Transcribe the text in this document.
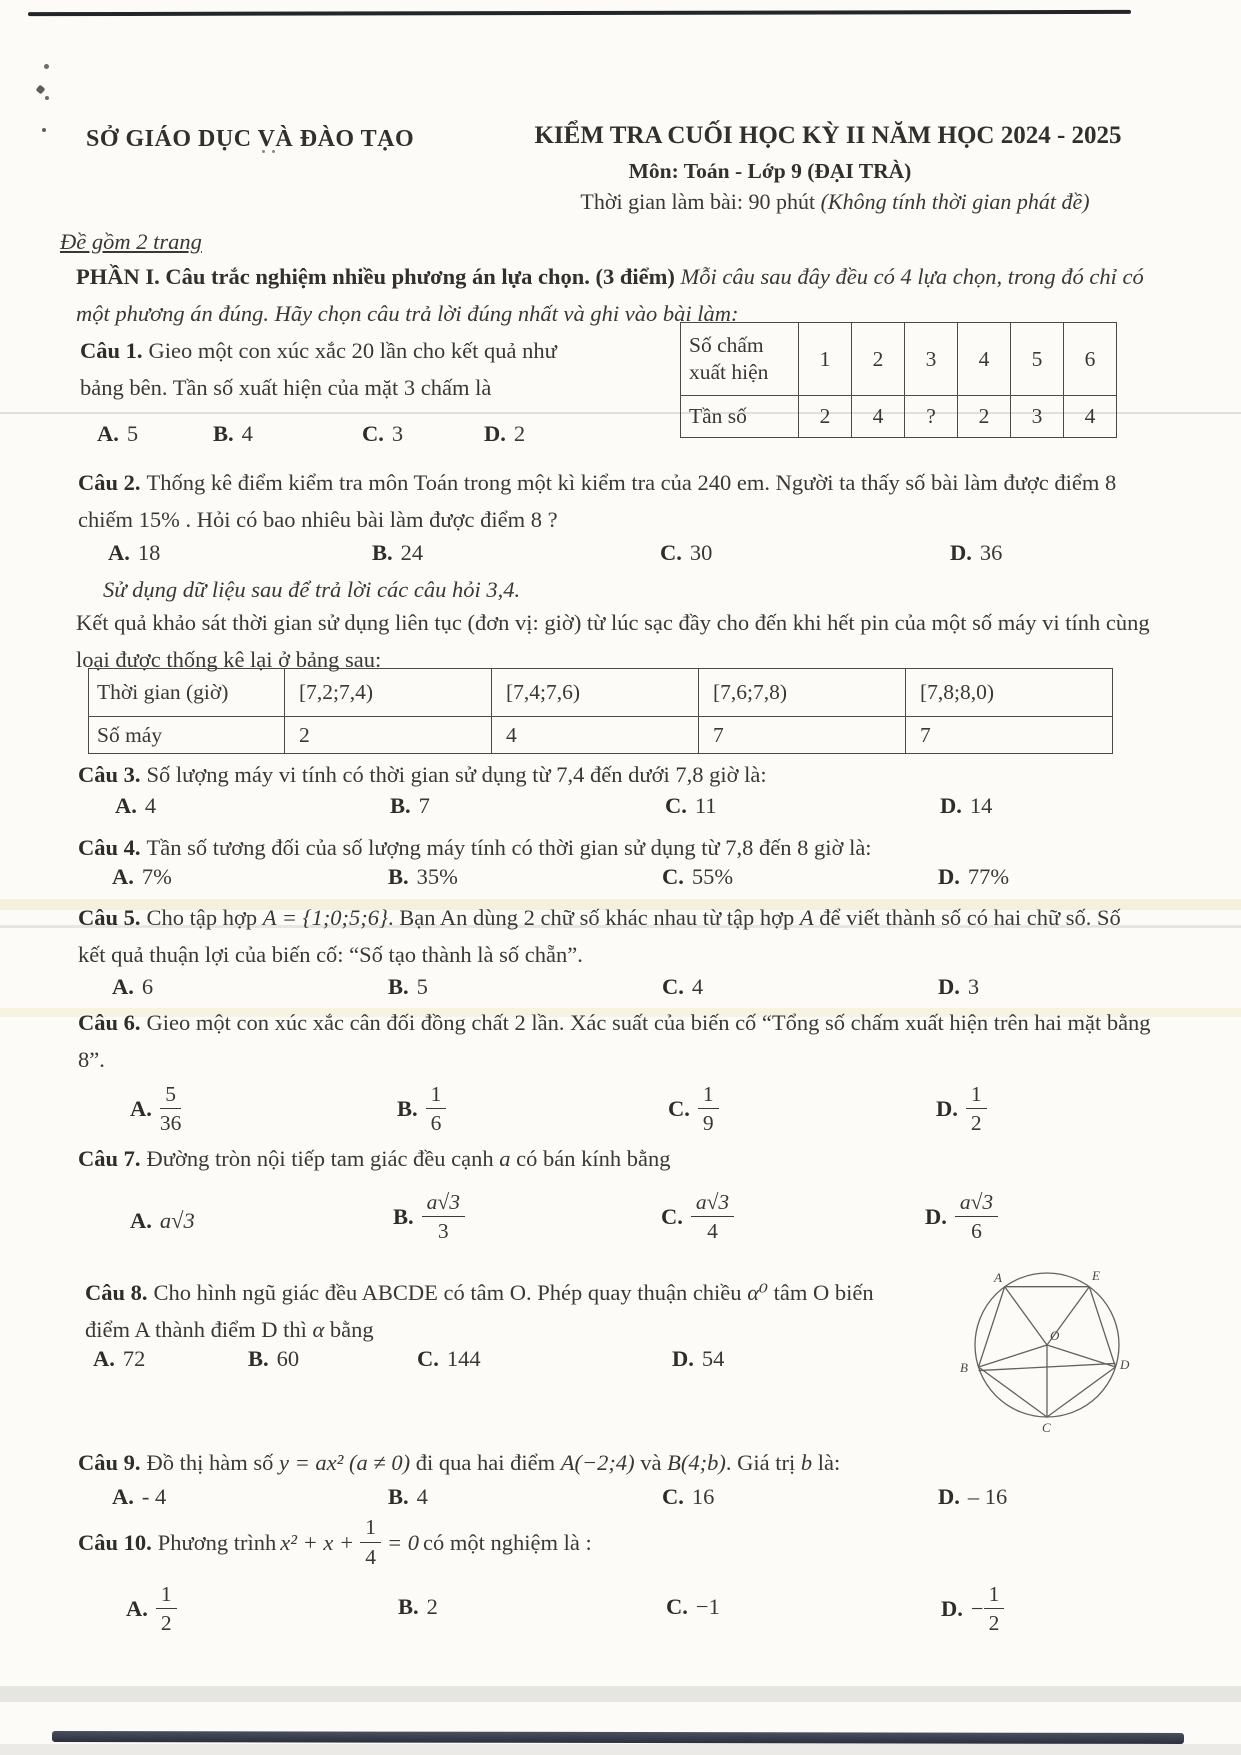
SỞ GIÁO DỤC VÀ ĐÀO TẠO	KIỂM TRA CUỐI HỌC KỲ II NĂM HỌC 2024 - 2025
Môn: Toán - Lớp 9 (ĐẠI TRÀ)
Thời gian làm bài: 90 phút (Không tính thời gian phát đề)
Đề gồm 2 trang
PHẦN I. Câu trắc nghiệm nhiều phương án lựa chọn. (3 điểm) Mỗi câu sau đây đều có 4 lựa chọn, trong đó chỉ có một phương án đúng. Hãy chọn câu trả lời đúng nhất và ghi vào bài làm:
Câu 1. Gieo một con xúc xắc 20 lần cho kết quả như bảng bên. Tần số xuất hiện của mặt 3 chấm là
Số chấm xuất hiện	1	2	3	4	5	6
Tần số	2	4	?	2	3	4
A. 5	B. 4	C. 3	D. 2
Câu 2. Thống kê điểm kiểm tra môn Toán trong một kì kiểm tra của 240 em. Người ta thấy số bài làm được điểm 8 chiếm 15% . Hỏi có bao nhiêu bài làm được điểm 8 ?
A. 18	B. 24	C. 30	D. 36
Sử dụng dữ liệu sau để trả lời các câu hỏi 3,4.
Kết quả khảo sát thời gian sử dụng liên tục (đơn vị: giờ) từ lúc sạc đầy cho đến khi hết pin của một số máy vi tính cùng loại được thống kê lại ở bảng sau:
Thời gian (giờ)	[7,2;7,4)	[7,4;7,6)	[7,6;7,8)	[7,8;8,0)
Số máy	2	4	7	7
Câu 3. Số lượng máy vi tính có thời gian sử dụng từ 7,4 đến dưới 7,8 giờ là:
A. 4	B. 7	C. 11	D. 14
Câu 4. Tần số tương đối của số lượng máy tính có thời gian sử dụng từ 7,8 đến 8 giờ là:
A. 7%	B. 35%	C. 55%	D. 77%
Câu 5. Cho tập hợp A = {1;0;5;6}. Bạn An dùng 2 chữ số khác nhau từ tập hợp A để viết thành số có hai chữ số. Số kết quả thuận lợi của biến cố: “Số tạo thành là số chẵn”.
A. 6	B. 5	C. 4	D. 3
Câu 6. Gieo một con xúc xắc cân đối đồng chất 2 lần. Xác suất của biến cố “Tổng số chấm xuất hiện trên hai mặt bằng 8”.
A. $\frac{5}{36}$	B. $\frac{1}{6}$	C. $\frac{1}{9}$	D. $\frac{1}{2}$
Câu 7. Đường tròn nội tiếp tam giác đều cạnh a có bán kính bằng
A. a√3	B. $\frac{a√3}{3}$	C. $\frac{a√3}{4}$	D. $\frac{a√3}{6}$
Câu 8. Cho hình ngũ giác đều ABCDE có tâm O. Phép quay thuận chiều α⁰ tâm O biến điểm A thành điểm D thì α bằng
A. 72	B. 60	C. 144	D. 54
A	E
D
C
B
O
Câu 9. Đồ thị hàm số y = ax² (a ≠ 0) đi qua hai điểm A(−2;4) và B(4;b). Giá trị b là:
A. - 4	B. 4	C. 16	D. – 16
Câu 10. Phương trình $x^2 + x + \frac{1}{4} = 0$ có một nghiệm là :
A. $\frac{1}{2}$	B. 2	C. −1	D. − $\frac{1}{2}$
